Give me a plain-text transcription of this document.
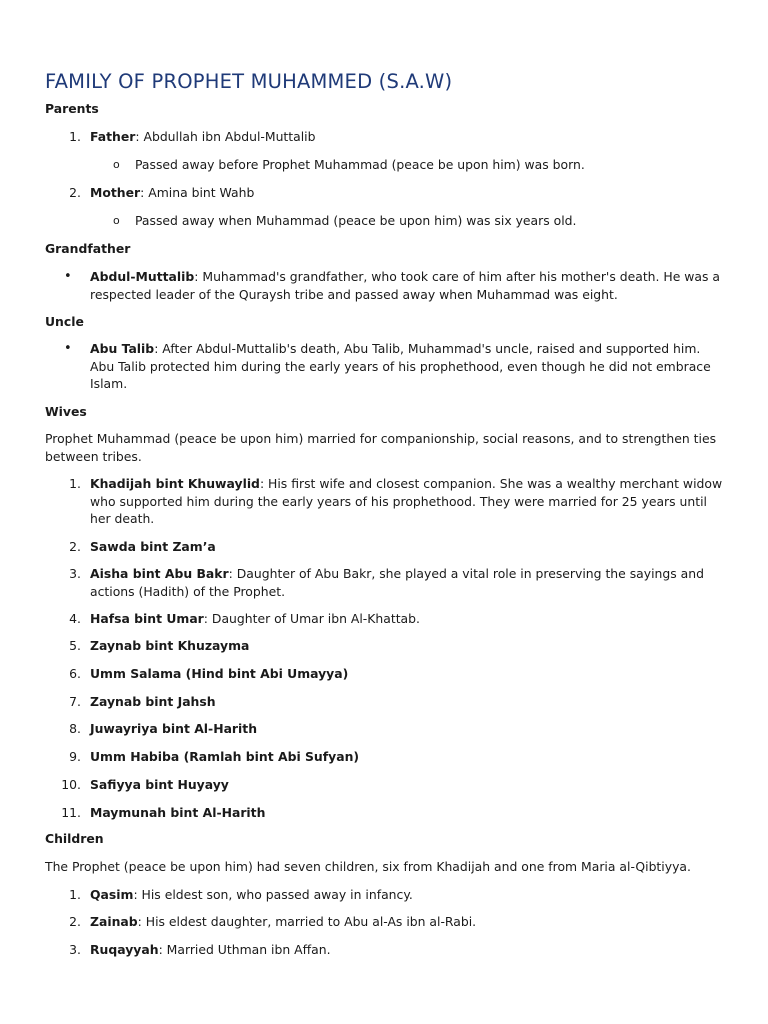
FAMILY OF PROPHET MUHAMMED (S.A.W)
Parents
1. Father: Abdullah ibn Abdul-Muttalib
o Passed away before Prophet Muhammad (peace be upon him) was born.
2. Mother: Amina bint Wahb
o Passed away when Muhammad (peace be upon him) was six years old.
Grandfather
• Abdul-Muttalib: Muhammad's grandfather, who took care of him after his mother's death. He was a respected leader of the Quraysh tribe and passed away when Muhammad was eight.
Uncle
• Abu Talib: After Abdul-Muttalib's death, Abu Talib, Muhammad's uncle, raised and supported him. Abu Talib protected him during the early years of his prophethood, even though he did not embrace Islam.
Wives
Prophet Muhammad (peace be upon him) married for companionship, social reasons, and to strengthen ties between tribes.
1. Khadijah bint Khuwaylid: His first wife and closest companion. She was a wealthy merchant widow who supported him during the early years of his prophethood. They were married for 25 years until her death.
2. Sawda bint Zam’a
3. Aisha bint Abu Bakr: Daughter of Abu Bakr, she played a vital role in preserving the sayings and actions (Hadith) of the Prophet.
4. Hafsa bint Umar: Daughter of Umar ibn Al-Khattab.
5. Zaynab bint Khuzayma
6. Umm Salama (Hind bint Abi Umayya)
7. Zaynab bint Jahsh
8. Juwayriya bint Al-Harith
9. Umm Habiba (Ramlah bint Abi Sufyan)
10. Safiyya bint Huyayy
11. Maymunah bint Al-Harith
Children
The Prophet (peace be upon him) had seven children, six from Khadijah and one from Maria al-Qibtiyya.
1. Qasim: His eldest son, who passed away in infancy.
2. Zainab: His eldest daughter, married to Abu al-As ibn al-Rabi.
3. Ruqayyah: Married Uthman ibn Affan.
